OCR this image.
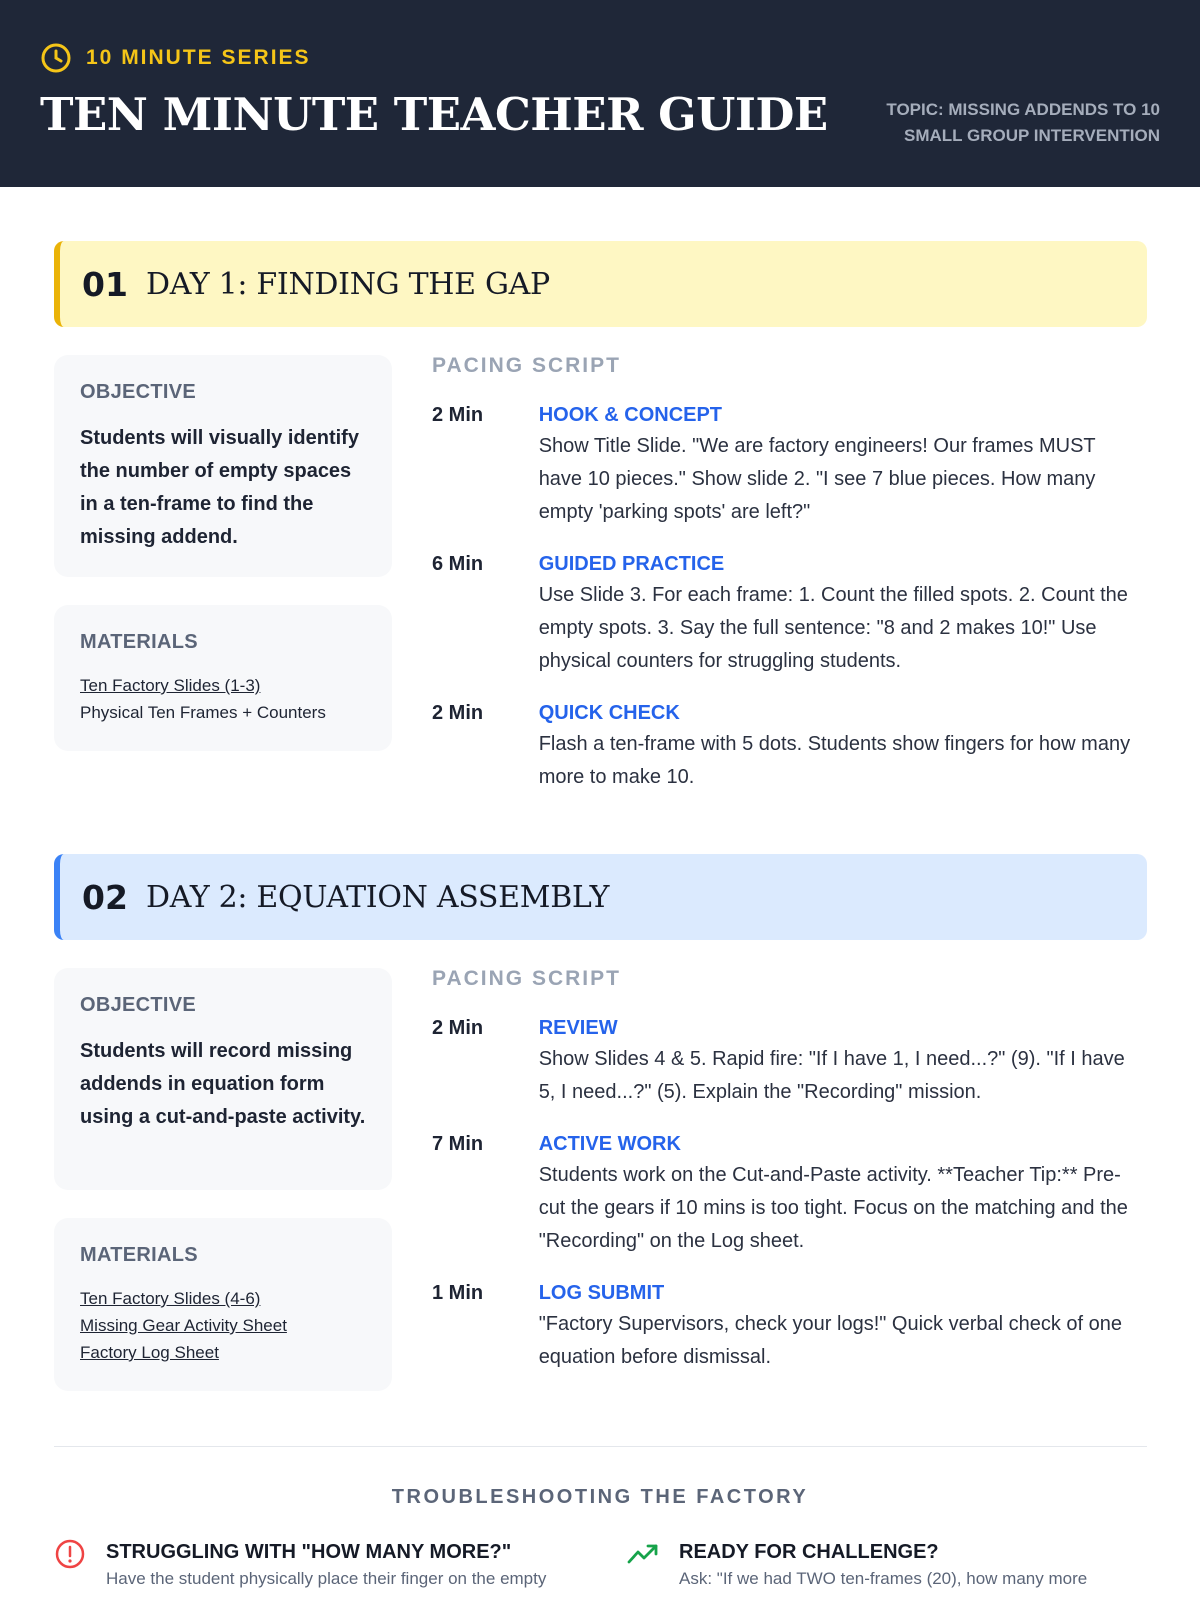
10 MINUTE SERIES
TEN MINUTE TEACHER GUIDE	TOPIC: MISSING ADDENDS TO 10
SMALL GROUP INTERVENTION
01 DAY 1: FINDING THE GAP
OBJECTIVE
Students will visually identify the number of empty spaces in a ten-frame to find the missing addend.
MATERIALS
Ten Factory Slides (1-3)
Physical Ten Frames + Counters
PACING SCRIPT
2 Min	HOOK & CONCEPT
Show Title Slide. "We are factory engineers! Our frames MUST have 10 pieces." Show slide 2. "I see 7 blue pieces. How many empty 'parking spots' are left?"
6 Min	GUIDED PRACTICE
Use Slide 3. For each frame: 1. Count the filled spots. 2. Count the empty spots. 3. Say the full sentence: "8 and 2 makes 10!" Use physical counters for struggling students.
2 Min	QUICK CHECK
Flash a ten-frame with 5 dots. Students show fingers for how many more to make 10.
02 DAY 2: EQUATION ASSEMBLY
OBJECTIVE
Students will record missing addends in equation form using a cut-and-paste activity.
MATERIALS
Ten Factory Slides (4-6)
Missing Gear Activity Sheet
Factory Log Sheet
PACING SCRIPT
2 Min	REVIEW
Show Slides 4 & 5. Rapid fire: "If I have 1, I need...?" (9). "If I have 5, I need...?" (5). Explain the "Recording" mission.
7 Min	ACTIVE WORK
Students work on the Cut-and-Paste activity. **Teacher Tip:** Pre-cut the gears if 10 mins is too tight. Focus on the matching and the "Recording" on the Log sheet.
1 Min	LOG SUBMIT
"Factory Supervisors, check your logs!" Quick verbal check of one equation before dismissal.
TROUBLESHOOTING THE FACTORY
STRUGGLING WITH "HOW MANY MORE?"
Have the student physically place their finger on the empty
READY FOR CHALLENGE?
Ask: "If we had TWO ten-frames (20), how many more
